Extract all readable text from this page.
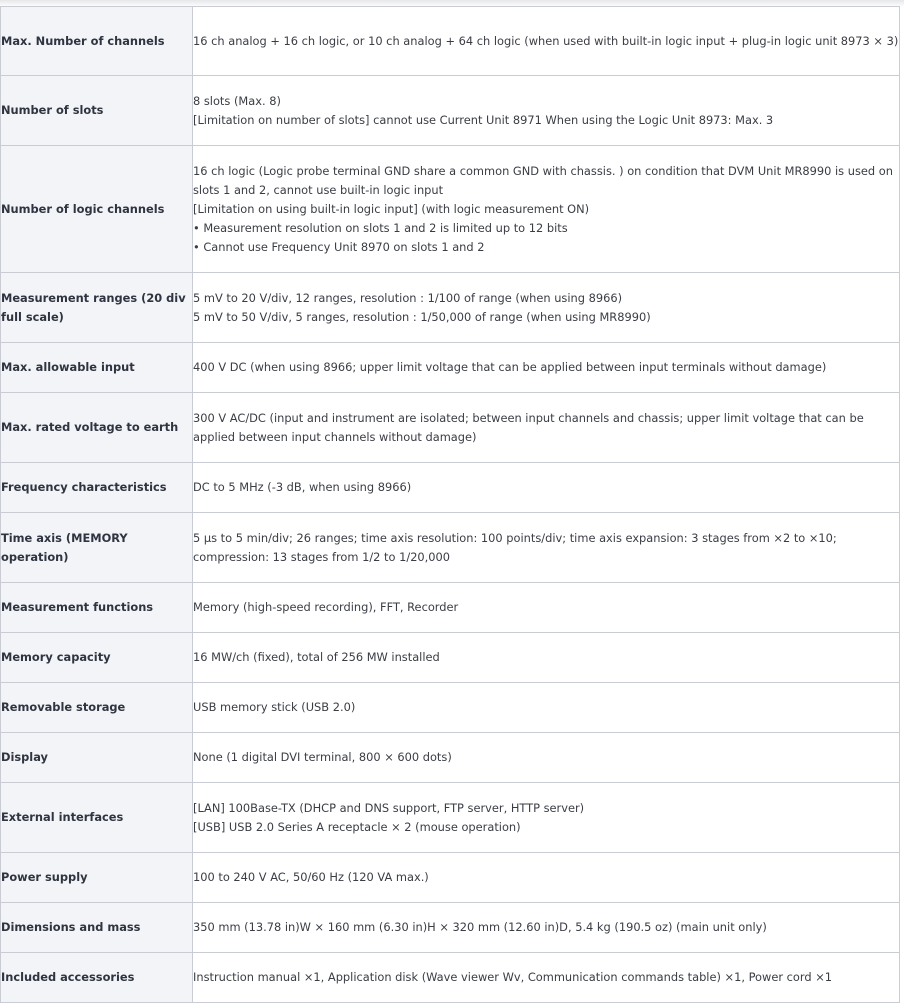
Max. Number of channels	16 ch analog + 16 ch logic, or 10 ch analog + 64 ch logic (when used with built-in logic input + plug-in logic unit 8973 × 3)

Number of slots	8 slots (Max. 8)
[Limitation on number of slots] cannot use Current Unit 8971 When using the Logic Unit 8973: Max. 3

Number of logic channels	16 ch logic (Logic probe terminal GND share a common GND with chassis. ) on condition that DVM Unit MR8990 is used on slots 1 and 2, cannot use built-in logic input
[Limitation on using built-in logic input] (with logic measurement ON)
• Measurement resolution on slots 1 and 2 is limited up to 12 bits
• Cannot use Frequency Unit 8970 on slots 1 and 2

Measurement ranges (20 div full scale)	5 mV to 20 V/div, 12 ranges, resolution : 1/100 of range (when using 8966)
5 mV to 50 V/div, 5 ranges, resolution : 1/50,000 of range (when using MR8990)

Max. allowable input	400 V DC (when using 8966; upper limit voltage that can be applied between input terminals without damage)

Max. rated voltage to earth	300 V AC/DC (input and instrument are isolated; between input channels and chassis; upper limit voltage that can be applied between input channels without damage)

Frequency characteristics	DC to 5 MHz (-3 dB, when using 8966)

Time axis (MEMORY operation)	5 μs to 5 min/div; 26 ranges; time axis resolution: 100 points/div; time axis expansion: 3 stages from ×2 to ×10; compression: 13 stages from 1/2 to 1/20,000

Measurement functions	Memory (high-speed recording), FFT, Recorder

Memory capacity	16 MW/ch (fixed), total of 256 MW installed

Removable storage	USB memory stick (USB 2.0)

Display	None (1 digital DVI terminal, 800 × 600 dots)

External interfaces	[LAN] 100Base-TX (DHCP and DNS support, FTP server, HTTP server)
[USB] USB 2.0 Series A receptacle × 2 (mouse operation)

Power supply	100 to 240 V AC, 50/60 Hz (120 VA max.)

Dimensions and mass	350 mm (13.78 in)W × 160 mm (6.30 in)H × 320 mm (12.60 in)D, 5.4 kg (190.5 oz) (main unit only)

Included accessories	Instruction manual ×1, Application disk (Wave viewer Wv, Communication commands table) ×1, Power cord ×1
